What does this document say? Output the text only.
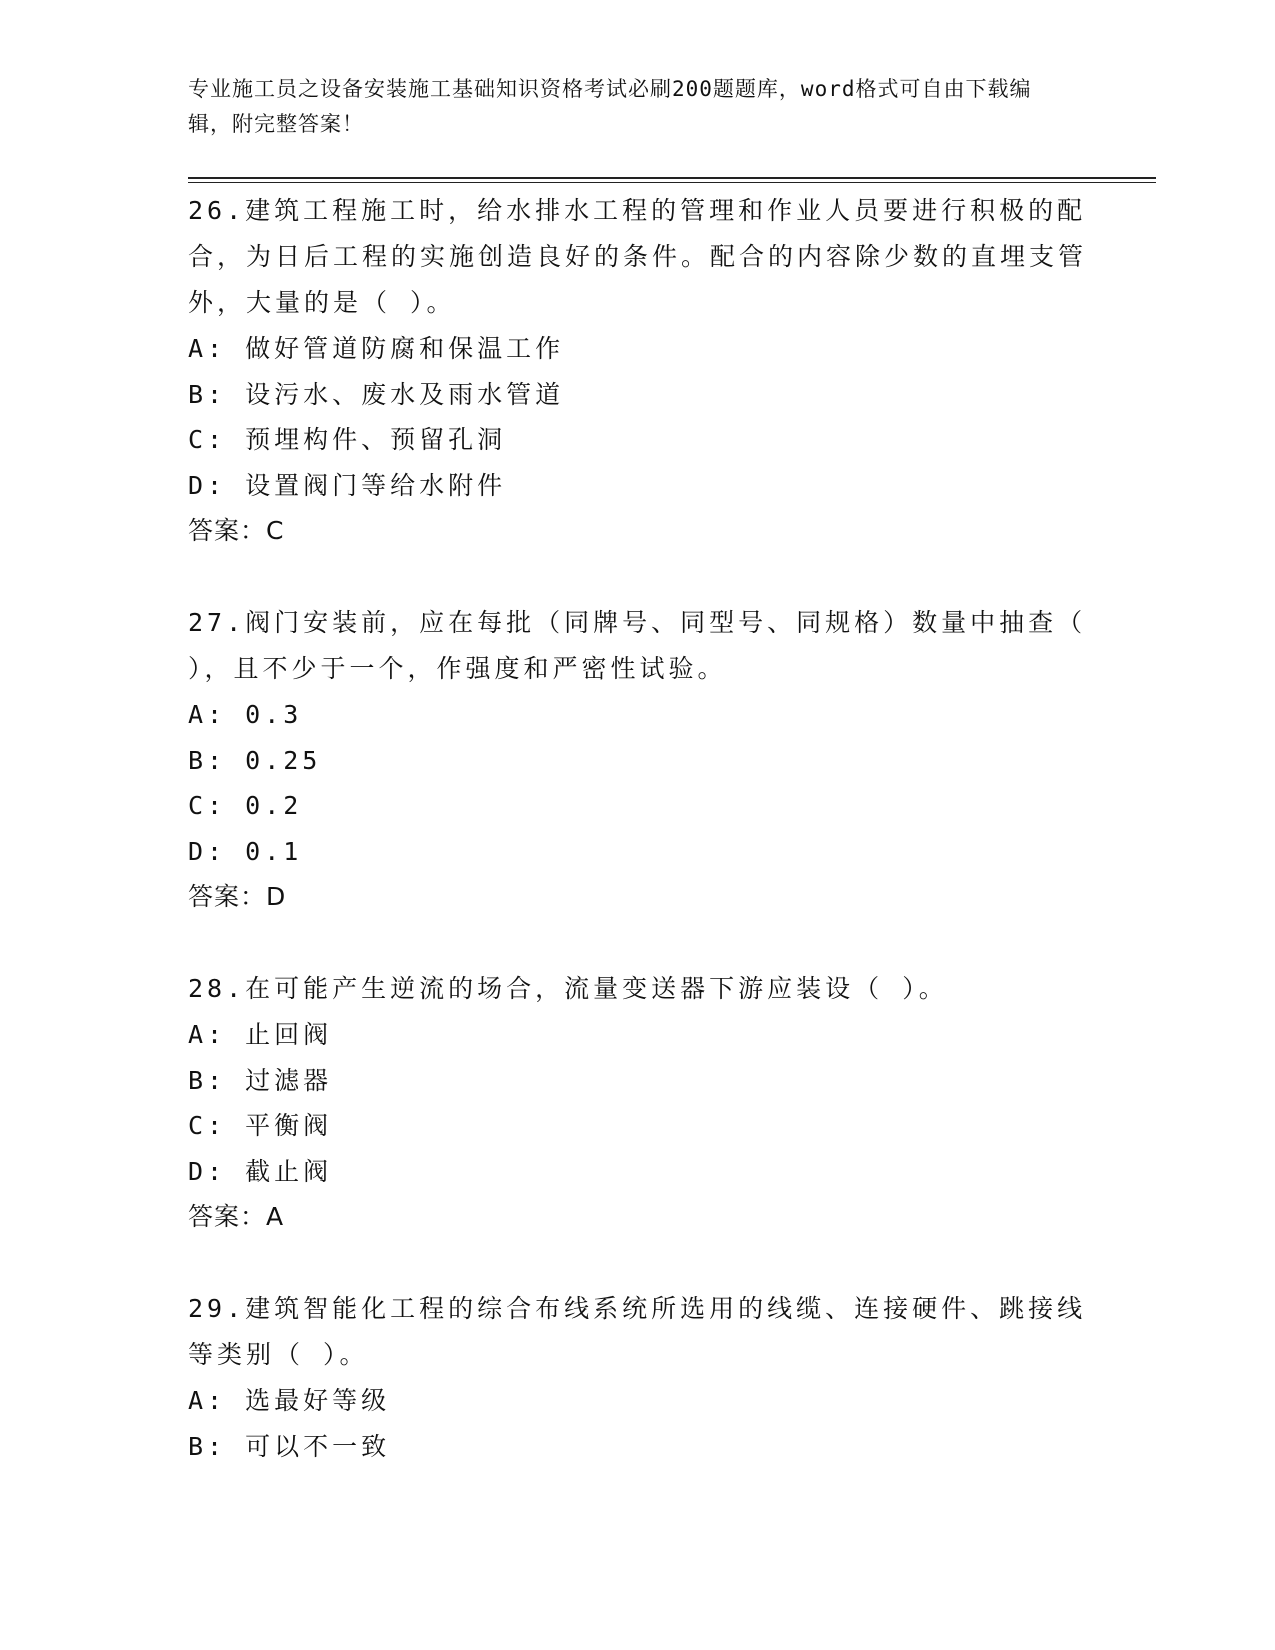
专业施工员之设备安装施工基础知识资格考试必刷200题题库，word格式可自由下载编辑，附完整答案！

26.建筑工程施工时，给水排水工程的管理和作业人员要进行积极的配合，为日后工程的实施创造良好的条件。配合的内容除少数的直埋支管外，大量的是（ ）。

A: 做好管道防腐和保温工作

B: 设污水、废水及雨水管道

C: 预埋构件、预留孔洞

D: 设置阀门等给水附件

答案：C

27.阀门安装前，应在每批（同牌号、同型号、同规格）数量中抽查（ ），且不少于一个，作强度和严密性试验。

A: 0.3

B: 0.25

C: 0.2

D: 0.1

答案：D

28.在可能产生逆流的场合，流量变送器下游应装设（ ）。

A: 止回阀

B: 过滤器

C: 平衡阀

D: 截止阀

答案：A

29.建筑智能化工程的综合布线系统所选用的线缆、连接硬件、跳接线等类别（ ）。

A: 选最好等级

B: 可以不一致
